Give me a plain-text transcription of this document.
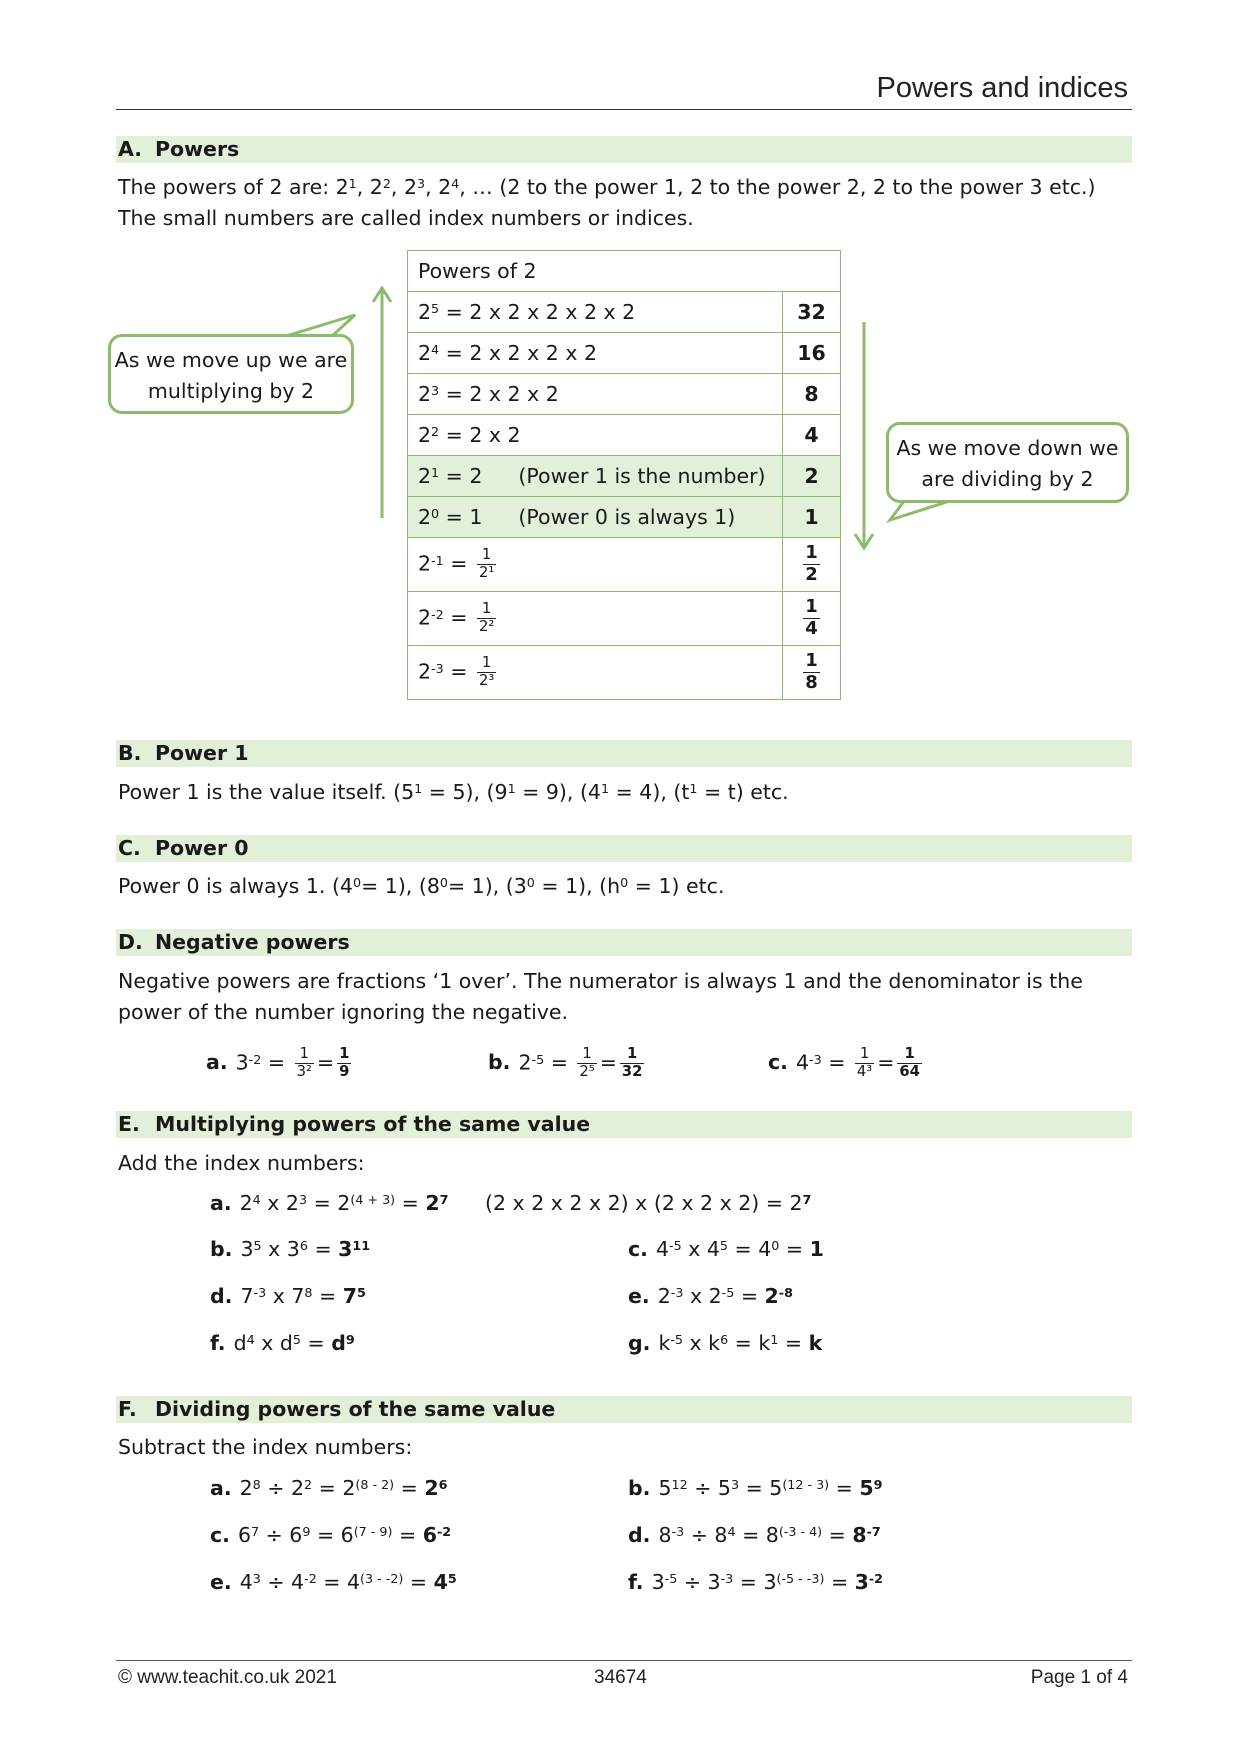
Powers and indices
A. Powers
The powers of 2 are: $2^1$, $2^2$, $2^3$, $2^4$, … (2 to the power 1, 2 to the power 2, 2 to the power 3 etc.)
The small numbers are called index numbers or indices.
Powers of 2	
$2^5 = 2$ x 2 x 2 x 2 x 2	32
$2^4 = 2$ x 2 x 2 x 2	16
$2^3 = 2$ x 2 x 2	8
$2^2 = 2$ x 2	4
$2^1 = 2$ (Power 1 is the number)	2
$2^0 = 1$ (Power 0 is always 1)	1
$2^{-1} = \frac{1}{\text{2¹}}$	$\frac{1}{2}$

$2^{-2} = \frac{1}{\text{2²}}$	$\frac{1}{4}$

$2^{-3} = \frac{1}{\text{2³}}$	$\frac{1}{8}$
As we move up we are multiplying by 2
As we move down we are dividing by 2
B. Power 1
Power 1 is the value itself. $(5^1 = 5)$, $(9^1 = 9)$, $(4^1 = 4)$, $(t^1 = t)$ etc.
C. Power 0
Power 0 is always 1. $(4^0= 1)$, $(8^0= 1)$, $(3^0 = 1)$, $(h^0 = 1)$ etc.
D. Negative powers
Negative powers are fractions ‘1 over’. The numerator is always 1 and the denominator is the
power of the number ignoring the negative.
a. $3^{-2} = \frac{1}{\text{3²}} = \frac{1}{9}$	b. $2^{-5} = \frac{1}{\text{2⁵}} = \frac{1}{32}$	c. $4^{-3} = \frac{1}{\text{4³}} = \frac{1}{64}$
E. Multiplying powers of the same value
Add the index numbers:
a. $2^4$ x $2^3 = 2^{(4 + 3)} = 2^7$ (2 x 2 x 2 x 2) x (2 x 2 x $2) = 2^7$
b. $3^5$ x $3^6 = 3^{11}$	c. $4^{-5}$ x $4^5 = 4^0 = 1$
d. $7^{-3}$ x $7^8 = 7^5$	e. $2^{-3}$ x $2^{-5} = 2^{-8}$
f. $d^4$ x $d^5 = d^9$	g. $k^{-5}$ x $k^6 = k^1 = k$
F. Dividing powers of the same value
Subtract the index numbers:
a. $2^8 \div 2^2 = 2^{(8 - 2)} = 2^6$	b. $5^{12} \div 5^3 = 5^{(12 - 3)} = 5^9$
c. $6^7 \div 6^9 = 6^{(7 - 9)} = 6^{-2}$	d. $8^{-3} \div 8^4 = 8^{(-3 - 4)} = 8^{-7}$
e. $4^3 \div 4^{-2} = 4^{(3 - -2)} = 4^5$	f. $3^{-5} \div 3^{-3} = 3^{(-5 - -3)} = 3^{-2}$
© www.teachit.co.uk 2021	34674	Page 1 of 4
